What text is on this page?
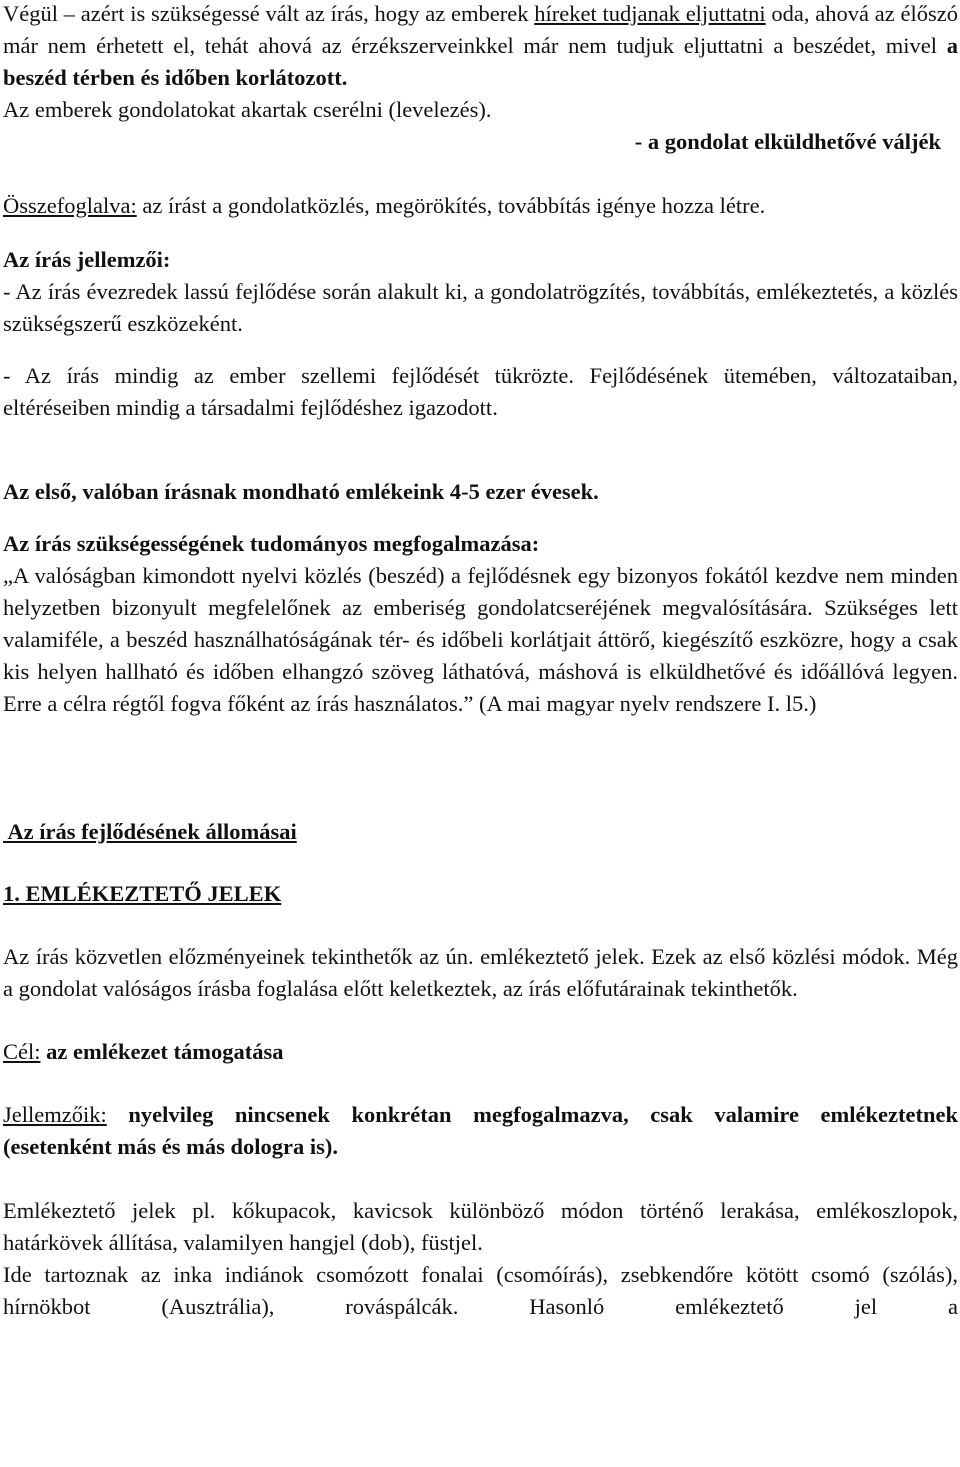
Végül – azért is szükségessé vált az írás, hogy az emberek híreket tudjanak eljuttatni oda, ahová az élőszó már nem érhetett el, tehát ahová az érzékszerveinkkel már nem tudjuk eljuttatni a beszédet, mivel a beszéd térben és időben korlátozott.

Az emberek gondolatokat akartak cserélni (levelezés).

- a gondolat elküldhetővé váljék

Összefoglalva: az írást a gondolatközlés, megörökítés, továbbítás igénye hozza létre.

Az írás jellemzői:

- Az írás évezredek lassú fejlődése során alakult ki, a gondolatrögzítés, továbbítás, emlékeztetés, a közlés szükségszerű eszközeként.

- Az írás mindig az ember szellemi fejlődését tükrözte. Fejlődésének ütemében, változataiban, eltéréseiben mindig a társadalmi fejlődéshez igazodott.

Az első, valóban írásnak mondható emlékeink 4-5 ezer évesek.

Az írás szükségességének tudományos megfogalmazása:

„A valóságban kimondott nyelvi közlés (beszéd) a fejlődésnek egy bizonyos fokától kezdve nem minden helyzetben bizonyult megfelelőnek az emberiség gondolatcseréjének megvalósítására. Szükséges lett valamiféle, a beszéd használhatóságának tér- és időbeli korlátjait áttörő, kiegészítő eszközre, hogy a csak kis helyen hallható és időben elhangzó szöveg láthatóvá, máshová is elküldhetővé és időállóvá legyen. Erre a célra régtől fogva főként az írás használatos.” (A mai magyar nyelv rendszere I. l5.)

Az írás fejlődésének állomásai

1. EMLÉKEZTETŐ JELEK

Az írás közvetlen előzményeinek tekinthetők az ún. emlékeztető jelek. Ezek az első közlési módok. Még a gondolat valóságos írásba foglalása előtt keletkeztek, az írás előfutárainak tekinthetők.

Cél: az emlékezet támogatása

Jellemzőik: nyelvileg nincsenek konkrétan megfogalmazva, csak valamire emlékeztetnek (esetenként más és más dologra is).

Emlékeztető jelek pl. kőkupacok, kavicsok különböző módon történő lerakása, emlékoszlopok, határkövek állítása, valamilyen hangjel (dob), füstjel.

Ide tartoznak az inka indiánok csomózott fonalai (csomóírás), zsebkendőre kötött csomó (szólás), hírnökbot (Ausztrália), rováspálcák. Hasonló emlékeztető jel a
